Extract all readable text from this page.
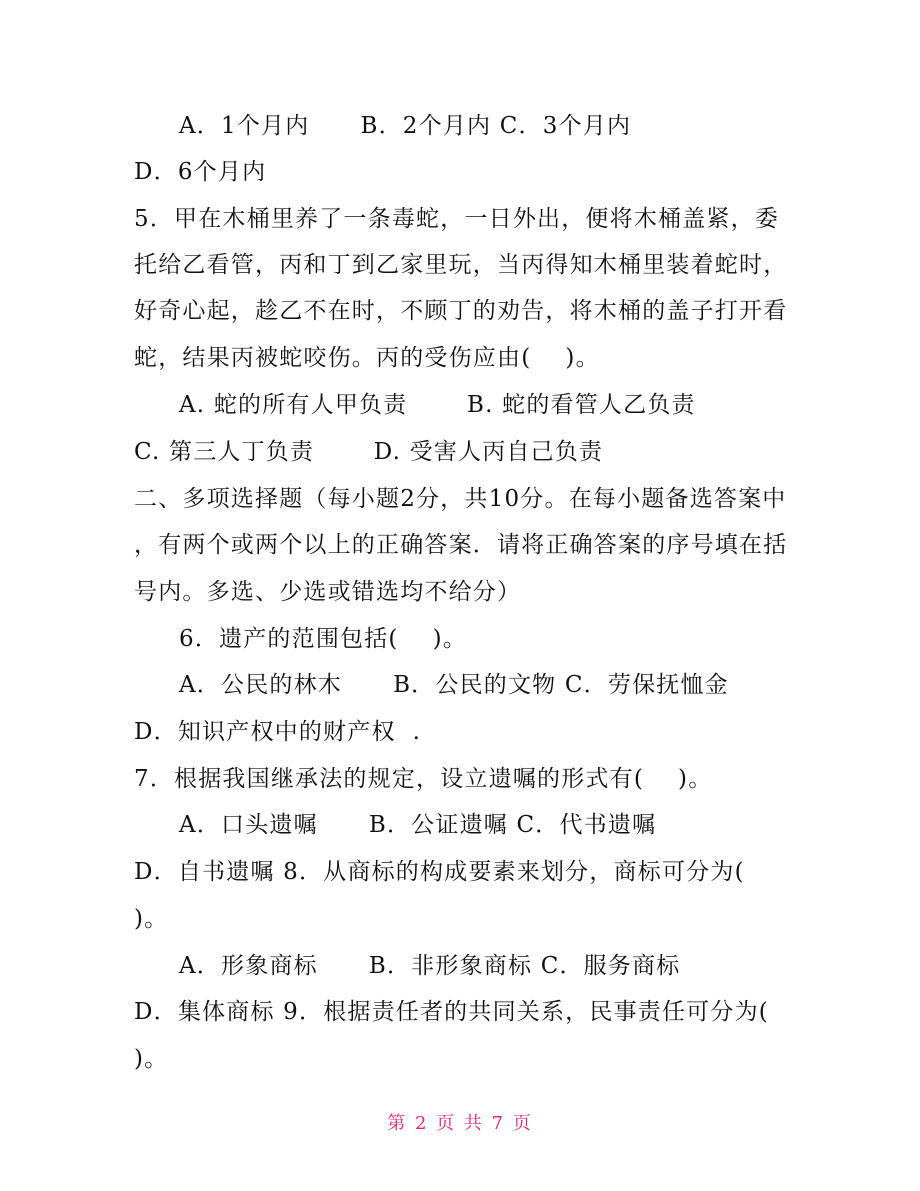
A．1个月内      B．2个月内 C．3个月内
D．6个月内
5．甲在木桶里养了一条毒蛇，一日外出，便将木桶盖紧，委
托给乙看管，丙和丁到乙家里玩，当丙得知木桶里装着蛇时，
好奇心起，趁乙不在时，不顾丁的劝告，将木桶的盖子打开看
蛇，结果丙被蛇咬伤。丙的受伤应由(    )。
A. 蛇的所有人甲负责       B. 蛇的看管人乙负责
C. 第三人丁负责       D. 受害人丙自己负责
二、多项选择题（每小题2分，共10分。在每小题备选答案中
，有两个或两个以上的正确答案．请将正确答案的序号填在括
号内。多选、少选或错选均不给分）
6．遗产的范围包括(    )。
A．公民的林木      B．公民的文物 C．劳保抚恤金
D．知识产权中的财产权  .
7．根据我国继承法的规定，设立遗嘱的形式有(    )。
A．口头遗嘱      B．公证遗嘱 C．代书遗嘱
D．自书遗嘱 8．从商标的构成要素来划分，商标可分为(
)。
A．形象商标      B．非形象商标 C．服务商标
D．集体商标 9．根据责任者的共同关系，民事责任可分为(
)。
第 2 页 共 7 页
